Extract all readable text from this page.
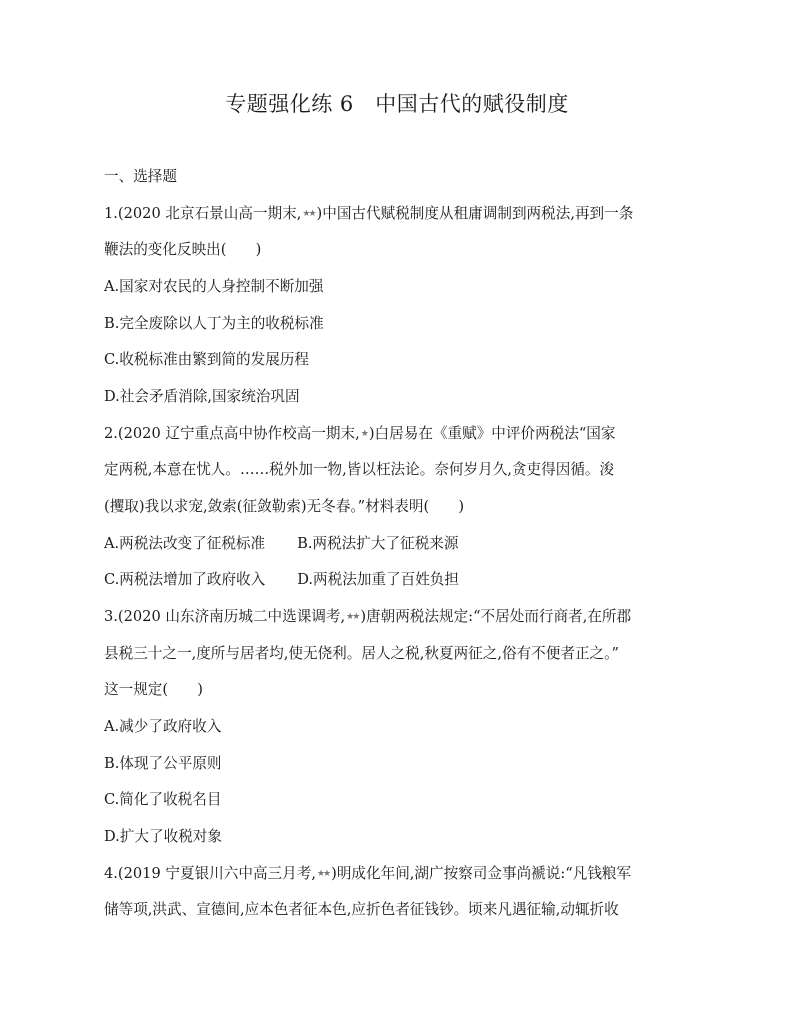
专题强化练 6　中国古代的赋役制度
一、选择题
1.(2020 北京石景山高一期末,★★ )中国古代赋税制度从租庸调制到两税法,再到一条
鞭法的变化反映出(　　)
A.国家对农民的人身控制不断加强
B.完全废除以人丁为主的收税标准
C.收税标准由繁到简的发展历程
D.社会矛盾消除,国家统治巩固
2.(2020 辽宁重点高中协作校高一期末,★ )白居易在《重赋》中评价两税法“国家
定两税,本意在忧人。……税外加一物,皆以枉法论。奈何岁月久,贪吏得因循。浚
(攫取)我以求宠,敛索(征敛勒索)无冬春。”材料表明(　　)
A.两税法改变了征税标准 B.两税法扩大了征税来源
C.两税法增加了政府收入 D.两税法加重了百姓负担
3.(2020 山东济南历城二中选课调考,★★ )唐朝两税法规定:“不居处而行商者,在所郡
县税三十之一,度所与居者均,使无侥利。居人之税,秋夏两征之,俗有不便者正之。”
这一规定(　　)
A.减少了政府收入
B.体现了公平原则
C.简化了收税名目
D.扩大了收税对象
4.(2019 宁夏银川六中高三月考,★★ )明成化年间,湖广按察司佥事尚褫说:“凡钱粮军
储等项,洪武、宣德间,应本色者征本色,应折色者征钱钞。顷来凡遇征输,动辄折收
